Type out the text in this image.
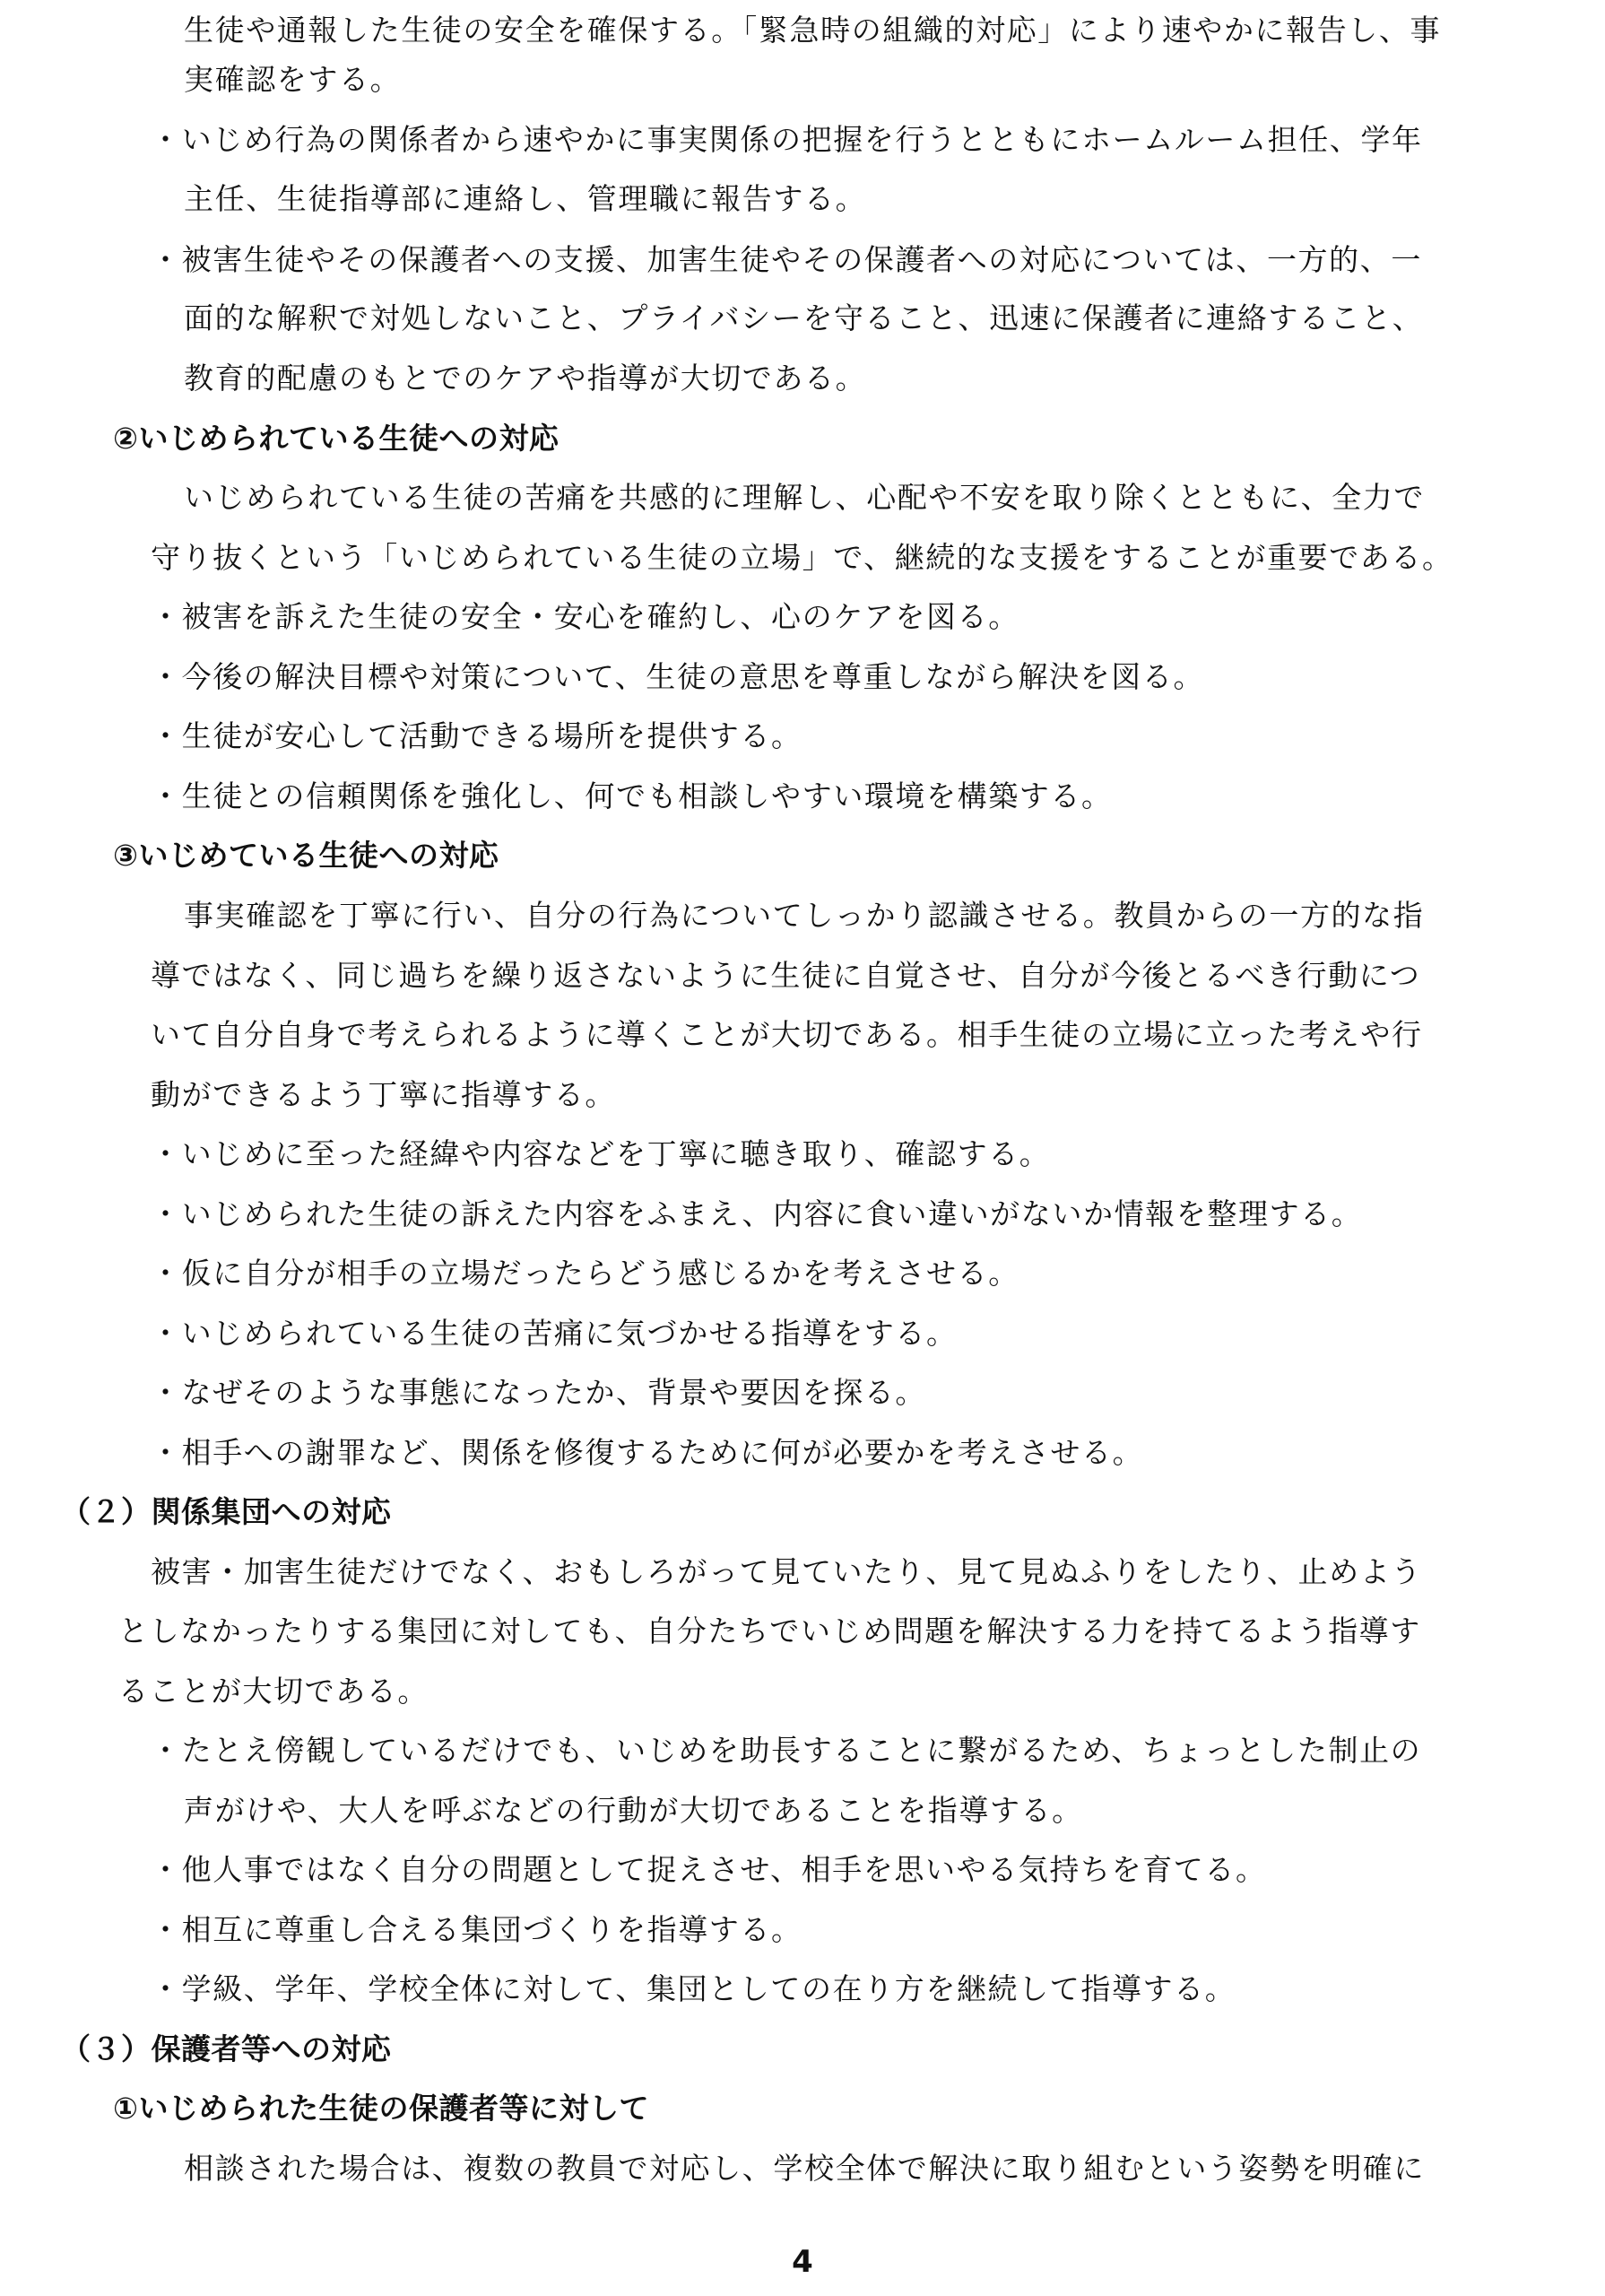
生徒や通報した生徒の安全を確保する。「緊急時の組織的対応」により速やかに報告し、事
実確認をする。
・いじめ行為の関係者から速やかに事実関係の把握を行うとともにホームルーム担任、学年
主任、生徒指導部に連絡し、管理職に報告する。
・被害生徒やその保護者への支援、加害生徒やその保護者への対応については、一方的、一
面的な解釈で対処しないこと、プライバシーを守ること、迅速に保護者に連絡すること、
教育的配慮のもとでのケアや指導が大切である。
②いじめられている生徒への対応
いじめられている生徒の苦痛を共感的に理解し、心配や不安を取り除くとともに、全力で
守り抜くという「いじめられている生徒の立場」で、継続的な支援をすることが重要である。
・被害を訴えた生徒の安全・安心を確約し、心のケアを図る。
・今後の解決目標や対策について、生徒の意思を尊重しながら解決を図る。
・生徒が安心して活動できる場所を提供する。
・生徒との信頼関係を強化し、何でも相談しやすい環境を構築する。
③いじめている生徒への対応
事実確認を丁寧に行い、自分の行為についてしっかり認識させる。教員からの一方的な指
導ではなく、同じ過ちを繰り返さないように生徒に自覚させ、自分が今後とるべき行動につ
いて自分自身で考えられるように導くことが大切である。相手生徒の立場に立った考えや行
動ができるよう丁寧に指導する。
・いじめに至った経緯や内容などを丁寧に聴き取り、確認する。
・いじめられた生徒の訴えた内容をふまえ、内容に食い違いがないか情報を整理する。
・仮に自分が相手の立場だったらどう感じるかを考えさせる。
・いじめられている生徒の苦痛に気づかせる指導をする。
・なぜそのような事態になったか、背景や要因を探る。
・相手への謝罪など、関係を修復するために何が必要かを考えさせる。
（２）関係集団への対応
被害・加害生徒だけでなく、おもしろがって見ていたり、見て見ぬふりをしたり、止めよう
としなかったりする集団に対しても、自分たちでいじめ問題を解決する力を持てるよう指導す
ることが大切である。
・たとえ傍観しているだけでも、いじめを助長することに繋がるため、ちょっとした制止の
声がけや、大人を呼ぶなどの行動が大切であることを指導する。
・他人事ではなく自分の問題として捉えさせ、相手を思いやる気持ちを育てる。
・相互に尊重し合える集団づくりを指導する。
・学級、学年、学校全体に対して、集団としての在り方を継続して指導する。
（３）保護者等への対応
①いじめられた生徒の保護者等に対して
相談された場合は、複数の教員で対応し、学校全体で解決に取り組むという姿勢を明確に
4
